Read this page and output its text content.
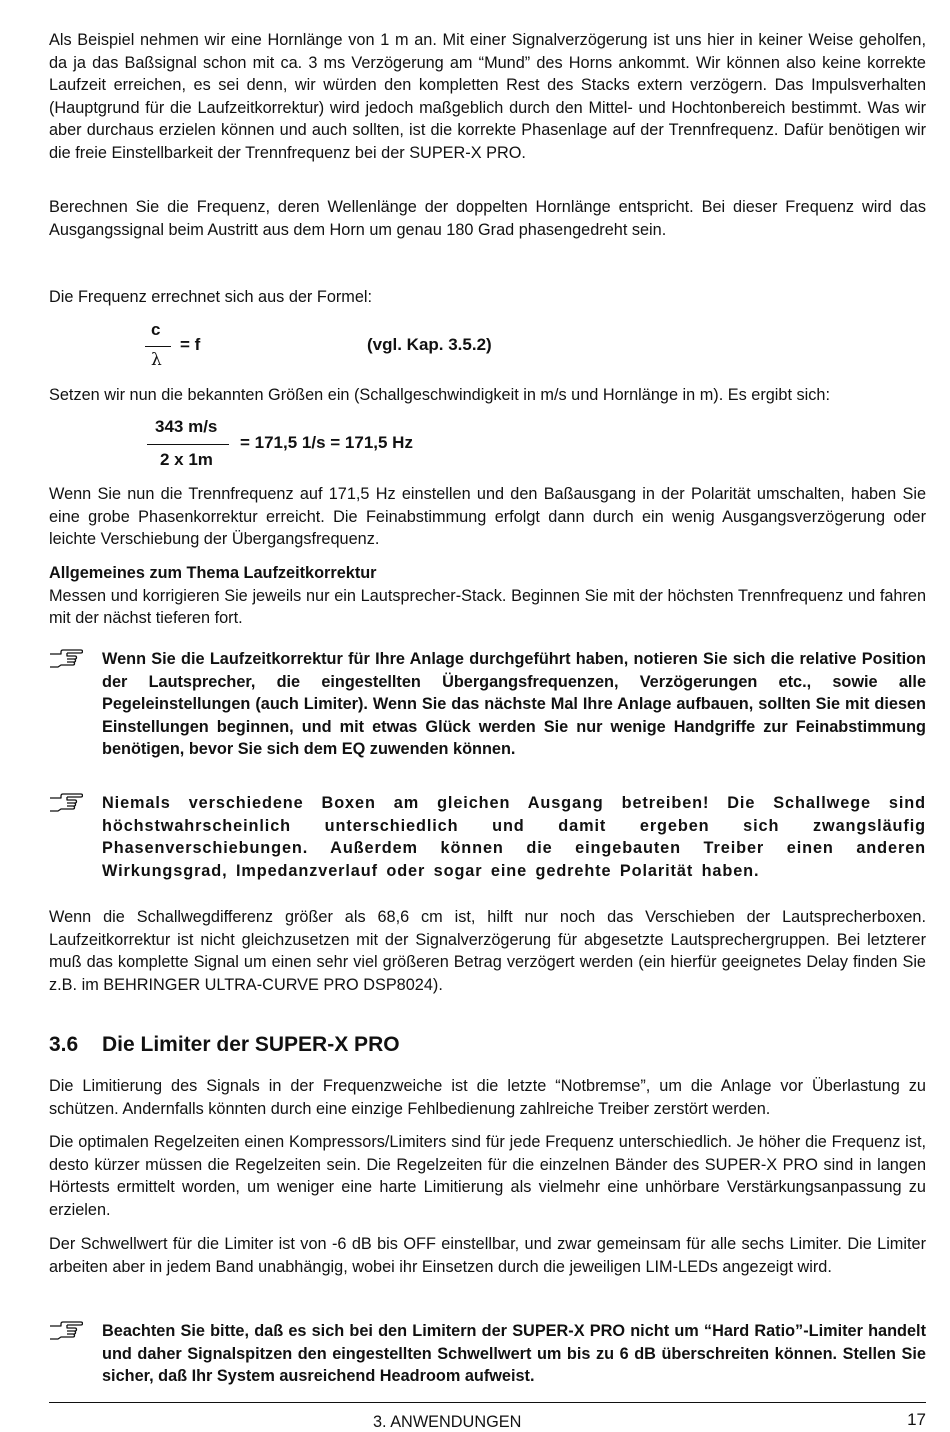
Als Beispiel nehmen wir eine Hornlänge von 1 m an. Mit einer Signalverzögerung ist uns hier in keiner Weise geholfen, da ja das Baßsignal schon mit ca. 3 ms Verzögerung am “Mund” des Horns ankommt. Wir können also keine korrekte Laufzeit erreichen, es sei denn, wir würden den kompletten Rest des Stacks extern verzögern. Das Impulsverhalten (Hauptgrund für die Laufzeitkorrektur) wird jedoch maßgeblich durch den Mittel- und Hochtonbereich bestimmt. Was wir aber durchaus erzielen können und auch sollten, ist die korrekte Phasenlage auf der Trennfrequenz. Dafür benötigen wir die freie Einstellbarkeit der Trennfrequenz bei der SUPER-X PRO.

Berechnen Sie die Frequenz, deren Wellenlänge der doppelten Hornlänge entspricht. Bei dieser Frequenz wird das Ausgangssignal beim Austritt aus dem Horn um genau 180 Grad phasengedreht sein.

Die Frequenz errechnet sich aus der Formel:

c
λ
= f	(vgl. Kap. 3.5.2)

Setzen wir nun die bekannten Größen ein (Schallgeschwindigkeit in m/s und Hornlänge in m). Es ergibt sich:

343 m/s
2 x 1m
= 171,5 1/s = 171,5 Hz

Wenn Sie nun die Trennfrequenz auf 171,5 Hz einstellen und den Baßausgang in der Polarität umschalten, haben Sie eine grobe Phasenkorrektur erreicht. Die Feinabstimmung erfolgt dann durch ein wenig Ausgangsverzögerung oder leichte Verschiebung der Übergangsfrequenz.

Allgemeines zum Thema Laufzeitkorrektur

Messen und korrigieren Sie jeweils nur ein Lautsprecher-Stack. Beginnen Sie mit der höchsten Trennfrequenz und fahren mit der nächst tieferen fort.

Wenn Sie die Laufzeitkorrektur für Ihre Anlage durchgeführt haben, notieren Sie sich die relative Position der Lautsprecher, die eingestellten Übergangsfrequenzen, Verzögerungen etc., sowie alle Pegeleinstellungen (auch Limiter). Wenn Sie das nächste Mal Ihre Anlage aufbauen, sollten Sie mit diesen Einstellungen beginnen, und mit etwas Glück werden Sie nur wenige Handgriffe zur Feinabstimmung benötigen, bevor Sie sich dem EQ zuwenden können.

Niemals verschiedene Boxen am gleichen Ausgang betreiben! Die Schallwege sind höchstwahrscheinlich unterschiedlich und damit ergeben sich zwangsläufig Phasenverschiebungen. Außerdem können die eingebauten Treiber einen anderen Wirkungsgrad, Impedanzverlauf oder sogar eine gedrehte Polarität haben.

Wenn die Schallwegdifferenz größer als 68,6 cm ist, hilft nur noch das Verschieben der Lautsprecherboxen. Laufzeitkorrektur ist nicht gleichzusetzen mit der Signalverzögerung für abgesetzte Lautsprechergruppen. Bei letzterer muß das komplette Signal um einen sehr viel größeren Betrag verzögert werden (ein hierfür geeignetes Delay finden Sie z.B. im BEHRINGER ULTRA-CURVE PRO DSP8024).

3.6 Die Limiter der SUPER-X PRO

Die Limitierung des Signals in der Frequenzweiche ist die letzte “Notbremse”, um die Anlage vor Überlastung zu schützen. Andernfalls könnten durch eine einzige Fehlbedienung zahlreiche Treiber zerstört werden.

Die optimalen Regelzeiten einen Kompressors/Limiters sind für jede Frequenz unterschiedlich. Je höher die Frequenz ist, desto kürzer müssen die Regelzeiten sein. Die Regelzeiten für die einzelnen Bänder des SUPER-X PRO sind in langen Hörtests ermittelt worden, um weniger eine harte Limitierung als vielmehr eine unhörbare Verstärkungsanpassung zu erzielen.

Der Schwellwert für die Limiter ist von -6 dB bis OFF einstellbar, und zwar gemeinsam für alle sechs Limiter. Die Limiter arbeiten aber in jedem Band unabhängig, wobei ihr Einsetzen durch die jeweiligen LIM-LEDs angezeigt wird.

Beachten Sie bitte, daß es sich bei den Limitern der SUPER-X PRO nicht um “Hard Ratio”-Limiter handelt und daher Signalspitzen den eingestellten Schwellwert um bis zu 6 dB überschreiten können. Stellen Sie sicher, daß Ihr System ausreichend Headroom aufweist.

3. ANWENDUNGEN	17
